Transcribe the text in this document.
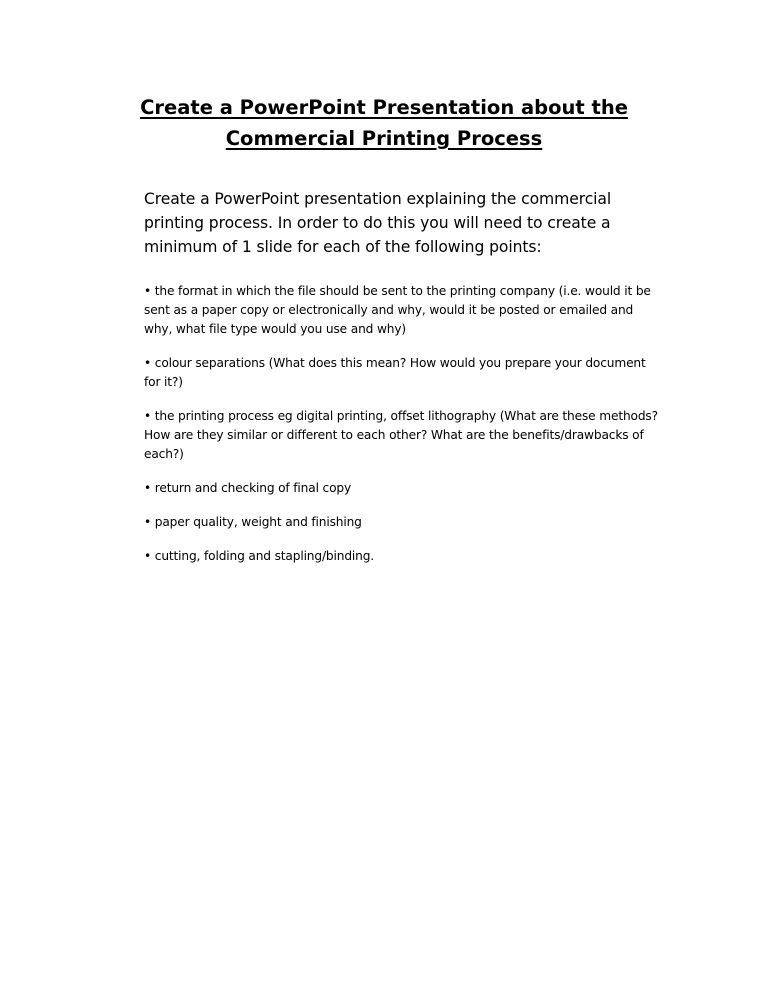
Create a PowerPoint Presentation about the
Commercial Printing Process
Create a PowerPoint presentation explaining the commercial printing process. In order to do this you will need to create a minimum of 1 slide for each of the following points:
• the format in which the file should be sent to the printing company (i.e. would it be sent as a paper copy or electronically and why, would it be posted or emailed and why, what file type would you use and why)
• colour separations (What does this mean? How would you prepare your document for it?)
• the printing process eg digital printing, offset lithography (What are these methods? How are they similar or different to each other? What are the benefits/drawbacks of each?)
• return and checking of final copy
• paper quality, weight and finishing
• cutting, folding and stapling/binding.
